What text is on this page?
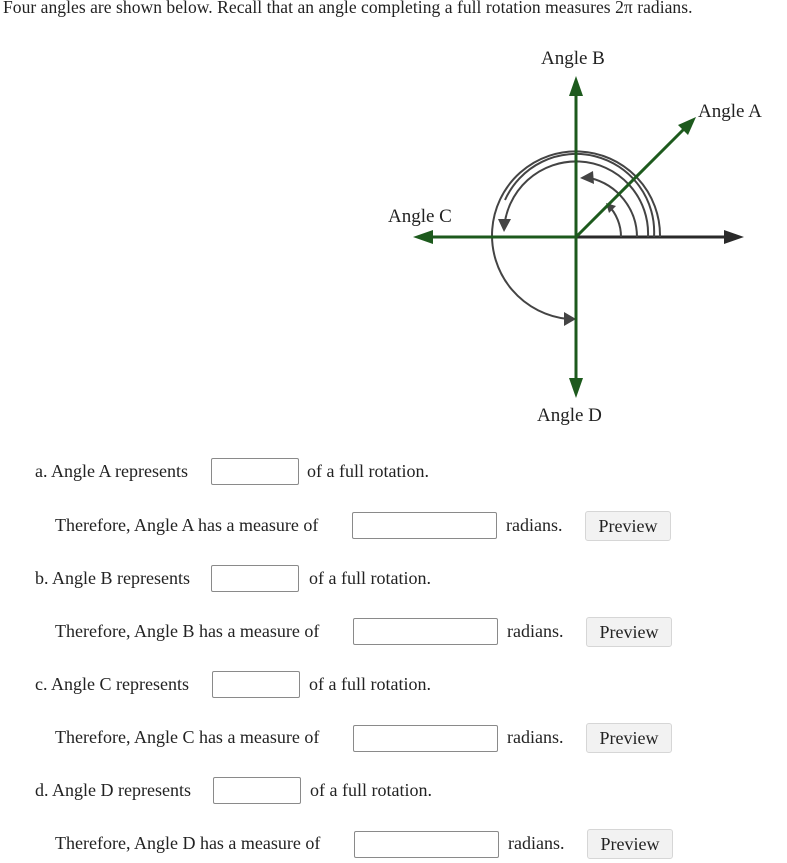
Four angles are shown below. Recall that an angle completing a full rotation measures 2π radians.
Angle B
Angle A
Angle C
Angle D
a. Angle A represents	of a full rotation.
Therefore, Angle A has a measure of	radians.	Preview
b. Angle B represents	of a full rotation.
Therefore, Angle B has a measure of	radians.	Preview
c. Angle C represents	of a full rotation.
Therefore, Angle C has a measure of	radians.	Preview
d. Angle D represents	of a full rotation.
Therefore, Angle D has a measure of	radians.	Preview
